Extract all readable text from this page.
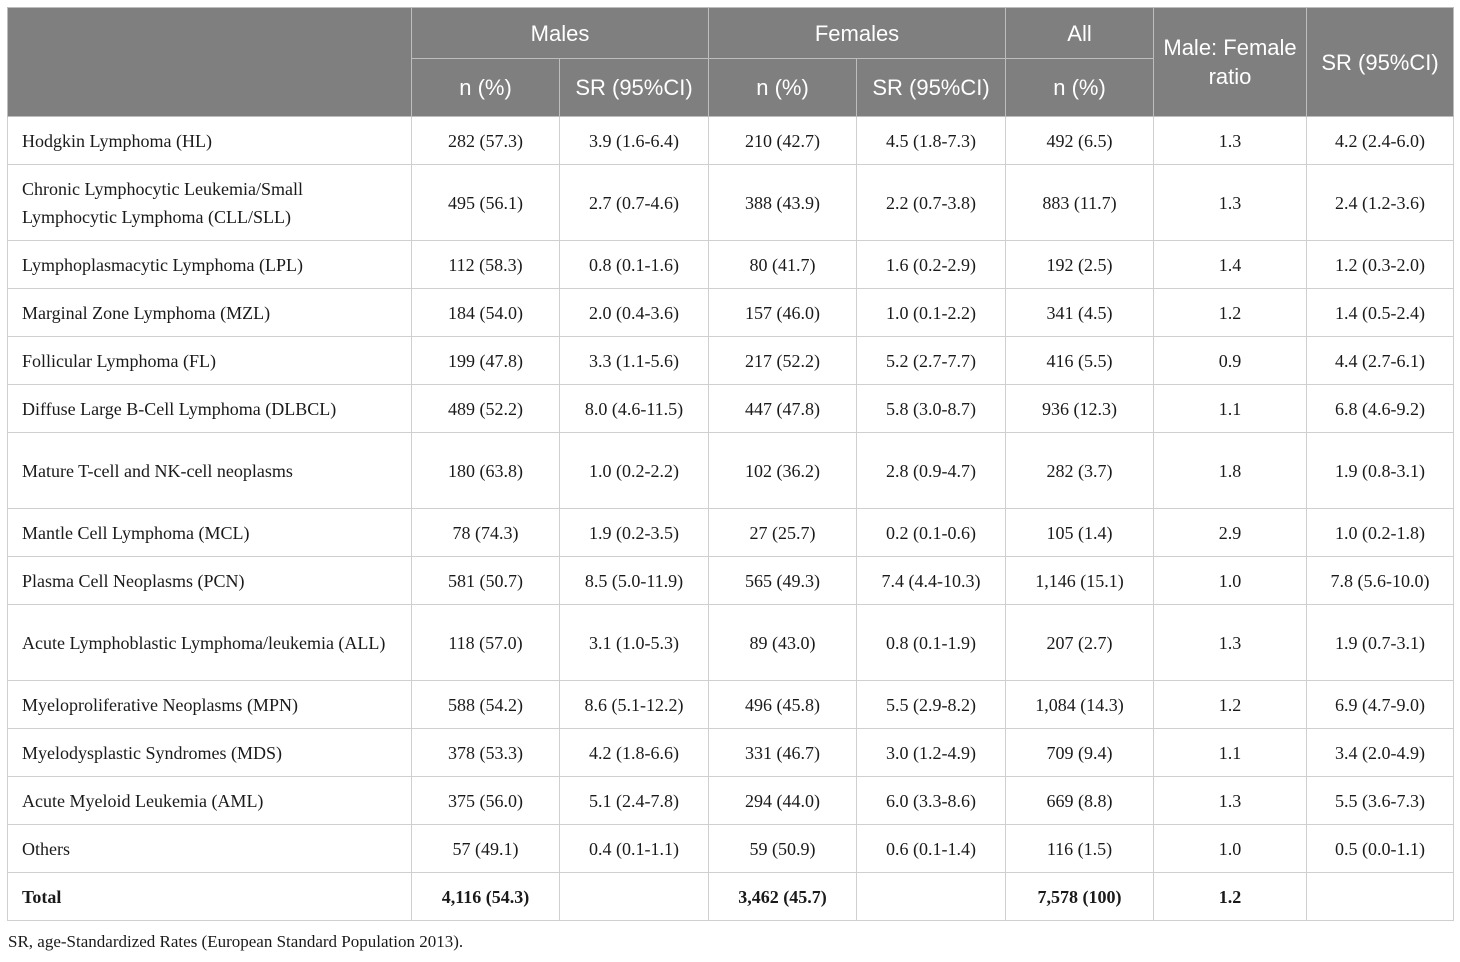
	Males		Females		All	Male: Female ratio	SR (95%CI)
	n (%)	SR (95%CI)	n (%)	SR (95%CI)	n (%)		
Hodgkin Lymphoma (HL)	282 (57.3)	3.9 (1.6-6.4)	210 (42.7)	4.5 (1.8-7.3)	492 (6.5)	1.3	4.2 (2.4-6.0)
Chronic Lymphocytic Leukemia/Small Lymphocytic Lymphoma (CLL/SLL)	495 (56.1)	2.7 (0.7-4.6)	388 (43.9)	2.2 (0.7-3.8)	883 (11.7)	1.3	2.4 (1.2-3.6)
Lymphoplasmacytic Lymphoma (LPL)	112 (58.3)	0.8 (0.1-1.6)	80 (41.7)	1.6 (0.2-2.9)	192 (2.5)	1.4	1.2 (0.3-2.0)
Marginal Zone Lymphoma (MZL)	184 (54.0)	2.0 (0.4-3.6)	157 (46.0)	1.0 (0.1-2.2)	341 (4.5)	1.2	1.4 (0.5-2.4)
Follicular Lymphoma (FL)	199 (47.8)	3.3 (1.1-5.6)	217 (52.2)	5.2 (2.7-7.7)	416 (5.5)	0.9	4.4 (2.7-6.1)
Diffuse Large B-Cell Lymphoma (DLBCL)	489 (52.2)	8.0 (4.6-11.5)	447 (47.8)	5.8 (3.0-8.7)	936 (12.3)	1.1	6.8 (4.6-9.2)
Mature T-cell and NK-cell neoplasms	180 (63.8)	1.0 (0.2-2.2)	102 (36.2)	2.8 (0.9-4.7)	282 (3.7)	1.8	1.9 (0.8-3.1)
Mantle Cell Lymphoma (MCL)	78 (74.3)	1.9 (0.2-3.5)	27 (25.7)	0.2 (0.1-0.6)	105 (1.4)	2.9	1.0 (0.2-1.8)
Plasma Cell Neoplasms (PCN)	581 (50.7)	8.5 (5.0-11.9)	565 (49.3)	7.4 (4.4-10.3)	1,146 (15.1)	1.0	7.8 (5.6-10.0)
Acute Lymphoblastic Lymphoma/leukemia (ALL)	118 (57.0)	3.1 (1.0-5.3)	89 (43.0)	0.8 (0.1-1.9)	207 (2.7)	1.3	1.9 (0.7-3.1)
Myeloproliferative Neoplasms (MPN)	588 (54.2)	8.6 (5.1-12.2)	496 (45.8)	5.5 (2.9-8.2)	1,084 (14.3)	1.2	6.9 (4.7-9.0)
Myelodysplastic Syndromes (MDS)	378 (53.3)	4.2 (1.8-6.6)	331 (46.7)	3.0 (1.2-4.9)	709 (9.4)	1.1	3.4 (2.0-4.9)
Acute Myeloid Leukemia (AML)	375 (56.0)	5.1 (2.4-7.8)	294 (44.0)	6.0 (3.3-8.6)	669 (8.8)	1.3	5.5 (3.6-7.3)
Others	57 (49.1)	0.4 (0.1-1.1)	59 (50.9)	0.6 (0.1-1.4)	116 (1.5)	1.0	0.5 (0.0-1.1)
Total	4,116 (54.3)		3,462 (45.7)		7,578 (100)	1.2	
SR, age-Standardized Rates (European Standard Population 2013).
